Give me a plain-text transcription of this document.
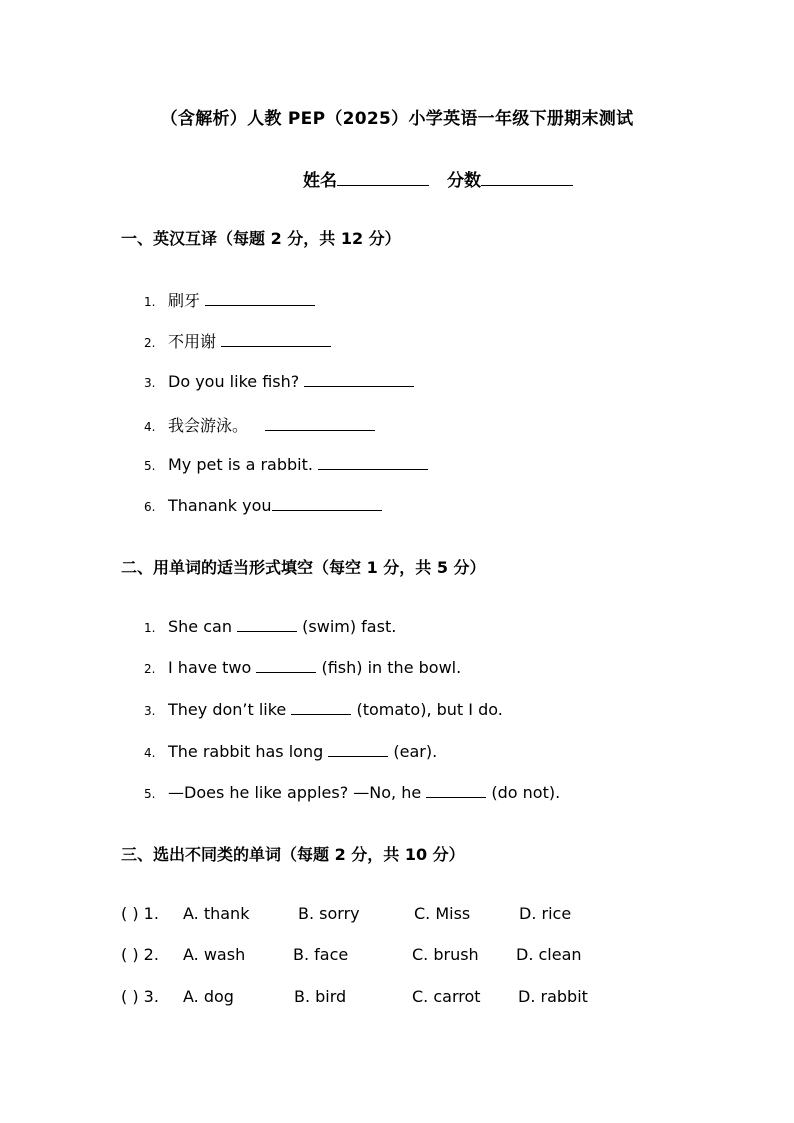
（含解析）人教 PEP（2025）小学英语一年级下册期末测试
姓名	分数
一、英汉互译（每题 2 分，共 12 分）
1. 刷牙
2. 不用谢
3. Do you like fish?
4. 我会游泳。
5. My pet is a rabbit.
6. Thanank you
二、用单词的适当形式填空（每空 1 分，共 5 分）
1. She can	(swim) fast.
2. I have two	(fish) in the bowl.
3. They don’t like	(tomato), but I do.
4. The rabbit has long	(ear).
5. —Does he like apples? —No, he	(do not).
三、选出不同类的单词（每题 2 分，共 10 分）
( ) 1. A. thank	B. sorry	C. Miss	D. rice
( ) 2. A. wash	B. face	C. brush D. clean
( ) 3. A. dog	B. bird	C. carrot D. rabbit
